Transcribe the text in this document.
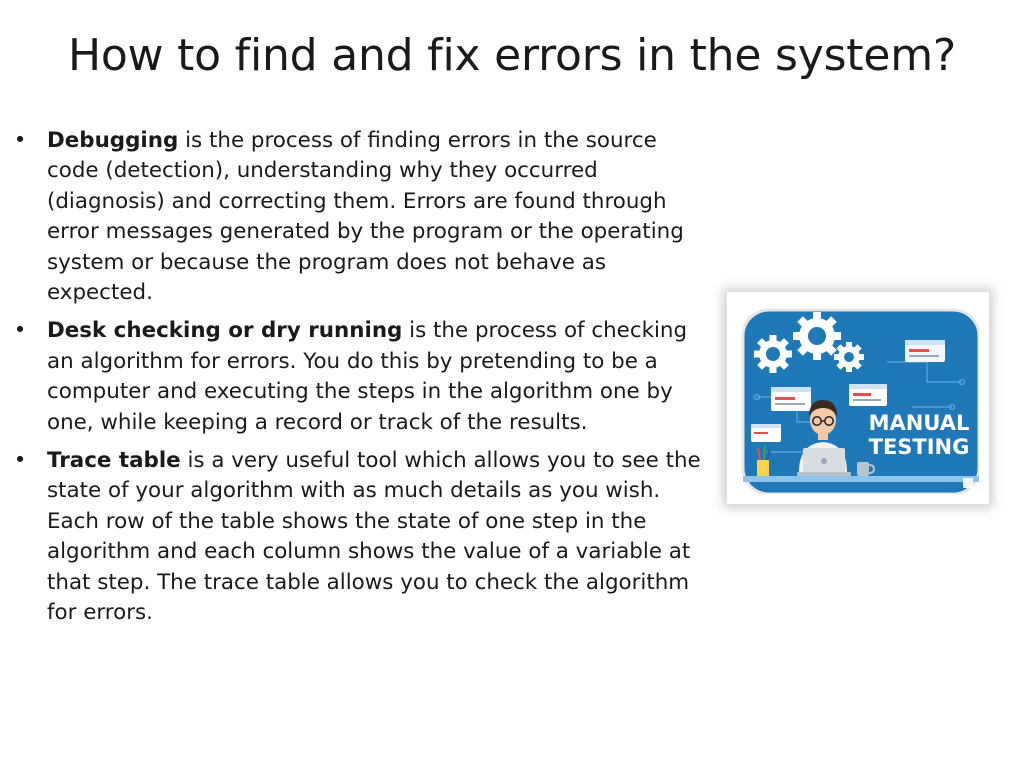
How to find and fix errors in the system?
• Debugging is the process of finding errors in the source code (detection), understanding why they occurred (diagnosis) and correcting them. Errors are found through error messages generated by the program or the operating system or because the program does not behave as expected.
• Desk checking or dry running is the process of checking an algorithm for errors. You do this by pretending to be a computer and executing the steps in the algorithm one by one, while keeping a record or track of the results.
• Trace table is a very useful tool which allows you to see the state of your algorithm with as much details as you wish. Each row of the table shows the state of one step in the algorithm and each column shows the value of a variable at that step. The trace table allows you to check the algorithm for errors.
MANUAL
TESTING
